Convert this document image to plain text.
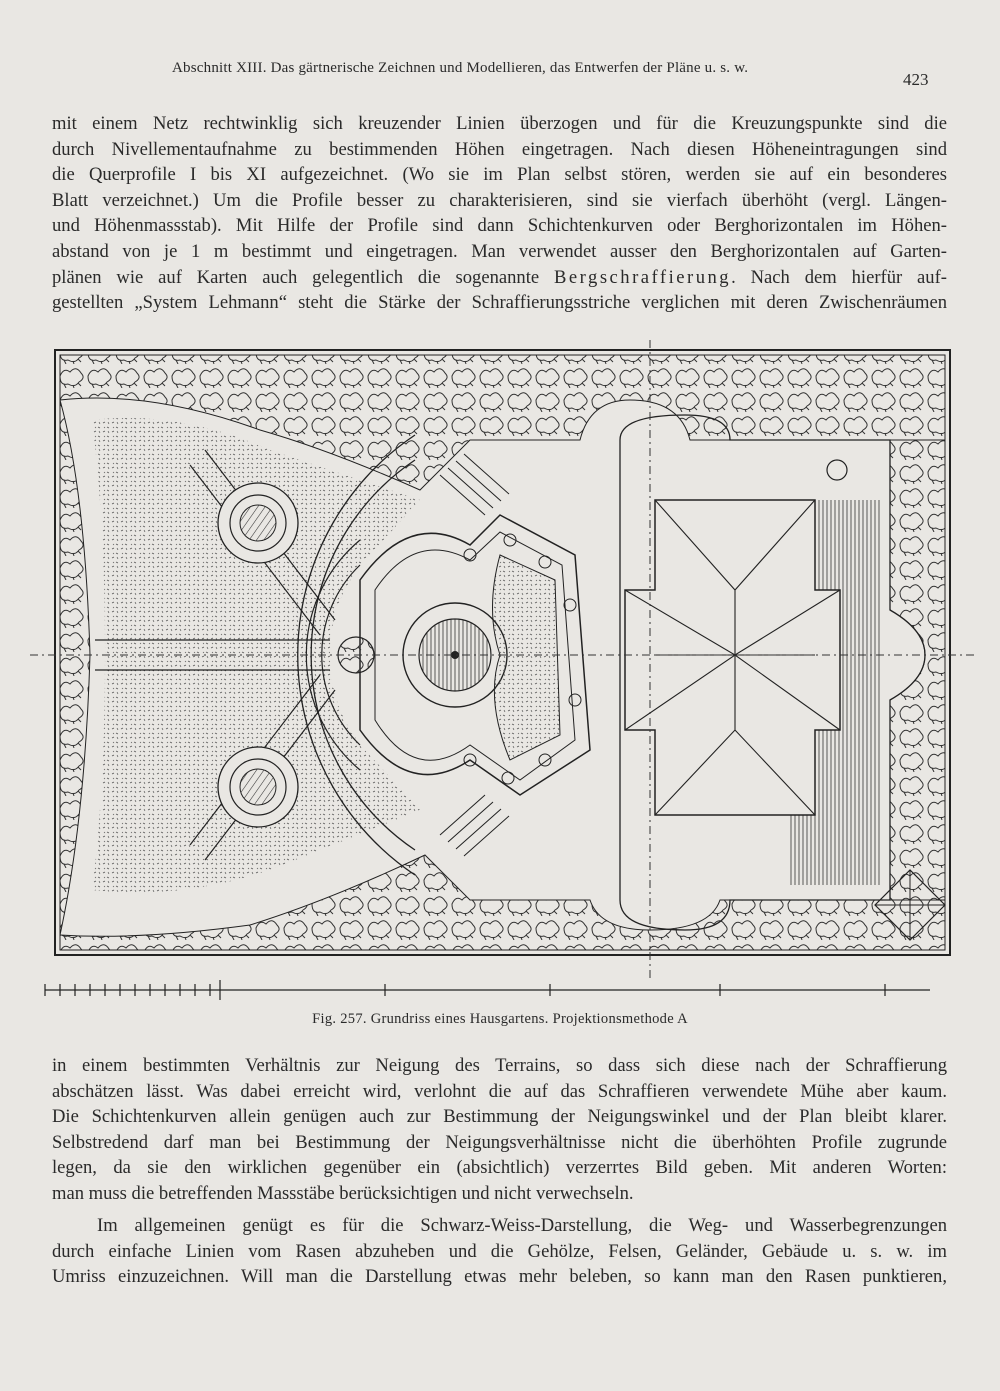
Abschnitt XIII. Das gärtnerische Zeichnen und Modellieren, das Entwerfen der Pläne u. s. w.
423
mit einem Netz rechtwinklig sich kreuzender Linien überzogen und für die Kreuzungspunkte sind die
durch Nivellementaufnahme zu bestimmenden Höhen eingetragen. Nach diesen Höheneintragungen sind
die Querprofile I bis XI aufgezeichnet. (Wo sie im Plan selbst stören, werden sie auf ein besonderes
Blatt verzeichnet.) Um die Profile besser zu charakterisieren, sind sie vierfach überhöht (vergl. Längen-
und Höhenmassstab). Mit Hilfe der Profile sind dann Schichtenkurven oder Berghorizontalen im Höhen-
abstand von je 1 m bestimmt und eingetragen. Man verwendet ausser den Berghorizontalen auf Garten-
plänen wie auf Karten auch gelegentlich die sogenannte Bergschraffierung. Nach dem hierfür auf-
gestellten „System Lehmann“ steht die Stärke der Schraffierungsstriche verglichen mit deren Zwischenräumen
Fig. 257. Grundriss eines Hausgartens. Projektionsmethode A
in einem bestimmten Verhältnis zur Neigung des Terrains, so dass sich diese nach der Schraffierung
abschätzen lässt. Was dabei erreicht wird, verlohnt die auf das Schraffieren verwendete Mühe aber kaum.
Die Schichtenkurven allein genügen auch zur Bestimmung der Neigungswinkel und der Plan bleibt klarer.
Selbstredend darf man bei Bestimmung der Neigungsverhältnisse nicht die überhöhten Profile zugrunde
legen, da sie den wirklichen gegenüber ein (absichtlich) verzerrtes Bild geben. Mit anderen Worten:
man muss die betreffenden Massstäbe berücksichtigen und nicht verwechseln.
Im allgemeinen genügt es für die Schwarz-Weiss-Darstellung, die Weg- und Wasserbegrenzungen
durch einfache Linien vom Rasen abzuheben und die Gehölze, Felsen, Geländer, Gebäude u. s. w. im
Umriss einzuzeichnen. Will man die Darstellung etwas mehr beleben, so kann man den Rasen punktieren,
